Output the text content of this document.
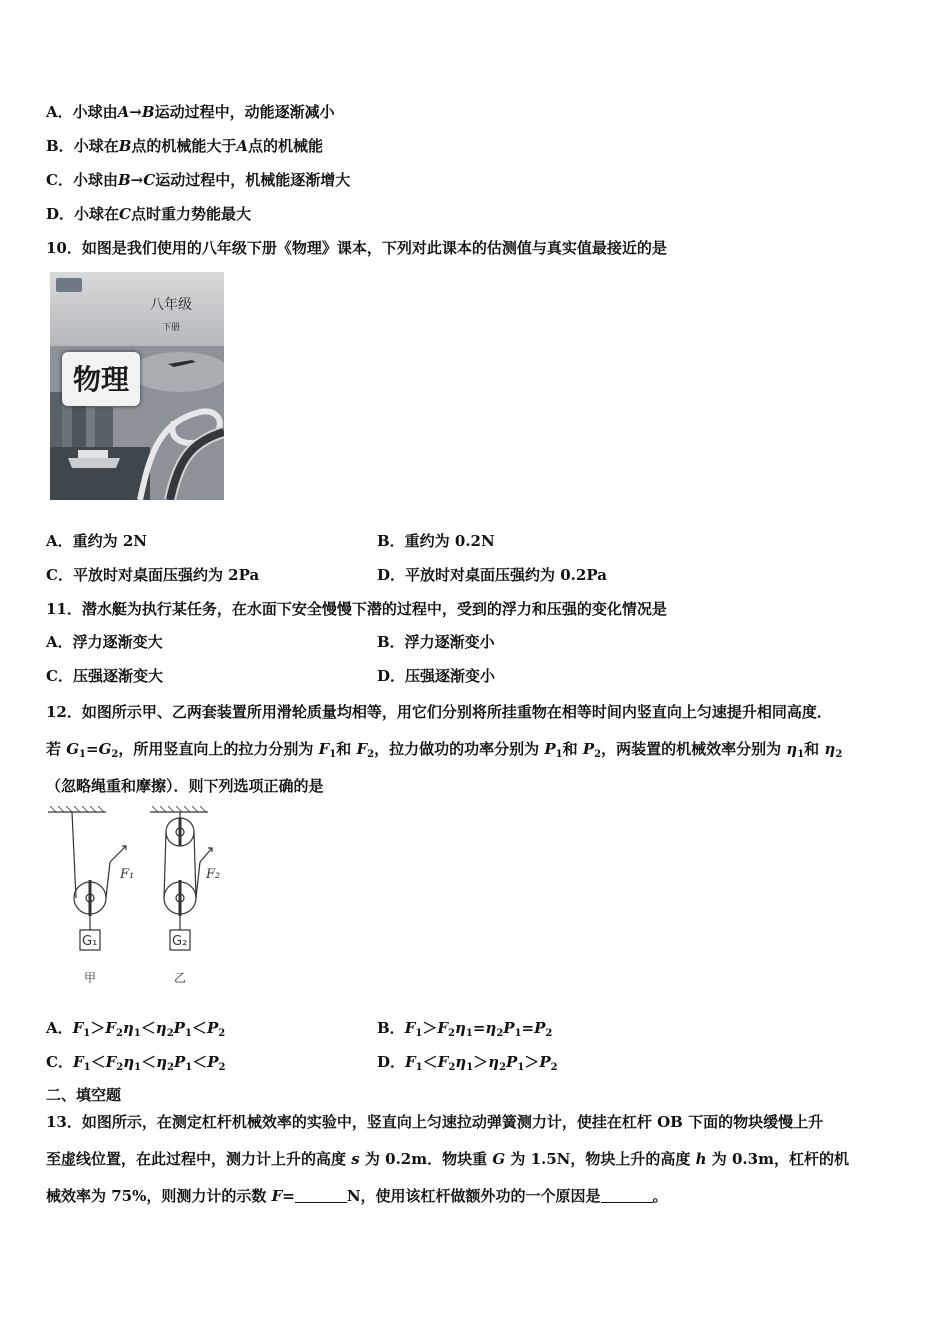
A．小球由A→B运动过程中，动能逐渐减小
B．小球在B点的机械能大于A点的机械能
C．小球由B→C运动过程中，机械能逐渐增大
D．小球在C点时重力势能最大
10．如图是我们使用的八年级下册《物理》课本，下列对此课本的估测值与真实值最接近的是
八年级
下册
物理
A．重约为 2N	B．重约为 0.2N
C．平放时对桌面压强约为 2Pa	D．平放时对桌面压强约为 0.2Pa
11．潜水艇为执行某任务，在水面下安全慢慢下潜的过程中，受到的浮力和压强的变化情况是
A．浮力逐渐变大	B．浮力逐渐变小
C．压强逐渐变大	D．压强逐渐变小
12．如图所示甲、乙两套装置所用滑轮质量均相等，用它们分别将所挂重物在相等时间内竖直向上匀速提升相同高度．
若 $G_1=G_2$，所用竖直向上的拉力分别为 $F_1$和 $F_2$，拉力做功的功率分别为 $P_1$和 $P_2$，两装置的机械效率分别为 $\eta_1$和 $\eta_2$
（忽略绳重和摩擦）．则下列选项正确的是
F₁	F₂
G₁	G₂
甲	乙
A．$F_1>F_2\eta_1<\eta_2P_1<P_2$	B．$F_1>F_2\eta_1=\eta_2P_1=P_2$
C．$F_1<F_2\eta_1<\eta_2P_1<P_2$	D．$F_1<F_2\eta_1>\eta_2P_1>P_2$
二、填空题
13．如图所示，在测定杠杆机械效率的实验中，竖直向上匀速拉动弹簧测力计，使挂在杠杆 OB 下面的物块缓慢上升
至虚线位置，在此过程中，测力计上升的高度 s 为 0.2m．物块重 G 为 1.5N，物块上升的高度 h 为 0.3m，杠杆的机
械效率为 75%，则测力计的示数 F=	N，使用该杠杆做额外功的一个原因是	。
